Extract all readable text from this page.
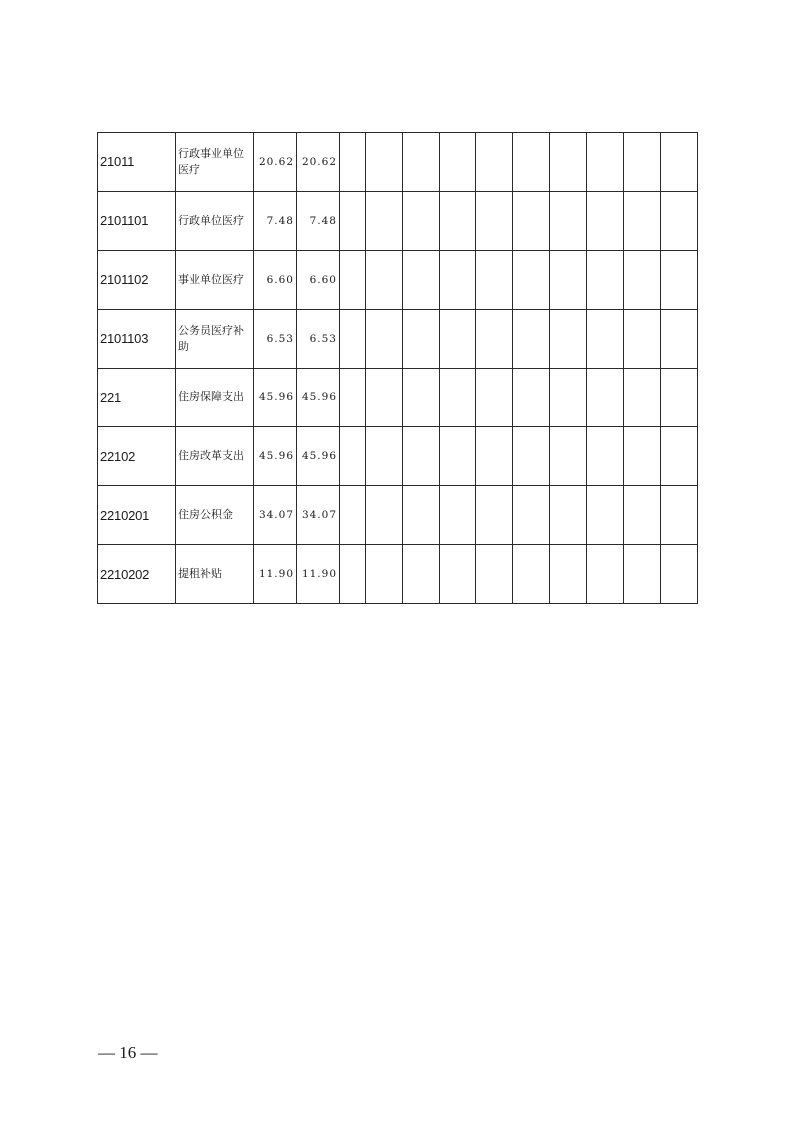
21011	行政事业单位医疗	20.62	20.62										
2101101	行政单位医疗	7.48	7.48										
2101102	事业单位医疗	6.60	6.60										
2101103	公务员医疗补助	6.53	6.53										
221	住房保障支出	45.96	45.96										
22102	住房改革支出	45.96	45.96										
2210201	住房公积金	34.07	34.07										
2210202	提租补贴	11.90	11.90										
— 16 —
